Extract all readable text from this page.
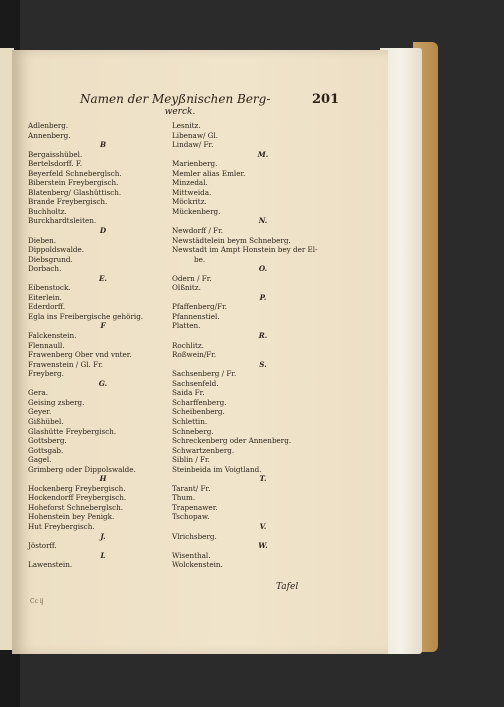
Namen der Meyßnischen Berg-
werck.
201
Adlenberg.
Annenberg.
B
Bergaisshübel.
Bertelsdorff. F.
Beyerfeld Schneberglsch.
Biberstein Freybergisch.
Blatenberg/ Glashüttisch.
Brande Freybergisch.
Buchholtz.
Burckhardtsleiten.
D
Dieben.
Dippoldswalde.
Diebsgrund.
Dorbach.
E.
Eibenstock.
Eiterlein.
Ederdorff.
Egla ins Freibergische gehörig.
F
Falckenstein.
Flennaull.
Frawenberg Ober vnd vnter.
Frawenstein / Gl. Fr.
Freyberg.
G.
Gera.
Geising zsberg.
Geyer.
Gißhübel.
Glashütte Freybergisch.
Gottsberg.
Gottsgab.
Gagel.
Grimberg oder Dippolswalde.
H
Hockenberg Freybergisch.
Hockendorff Freybergisch.
Hoheforst Schneberglsch.
Hohenstein bey Penigk.
Hut Freybergisch.
J.
Jöstorff.
L
Lawenstein.
Lesnitz.
Libenaw/ Gl.
Lindaw/ Fr.
M.
Marienberg.
Memler alias Emler.
Minzedal.
Mittweida.
Möckritz.
Mückenberg.
N.
Newdorff / Fr.
Newstädtelein beym Schneberg.
Newstadt im Ampt Honstein bey der El-
be.
O.
Odern / Fr.
Olßnitz.
P.
Pfaffenberg/Fr.
Pfannenstiel.
Platten.
R.
Rochlitz.
Roßwein/Fr.
S.
Sachsenberg / Fr.
Sachsenfeld.
Saida Fr.
Scharffenberg.
Scheibenberg.
Schlettin.
Schneberg.
Schreckenberg oder Annenberg.
Schwartzenberg.
Siblin / Fr.
Steinbeida im Voigtland.
T.
Tarant/ Fr.
Thum.
Trapenawer.
Tschopaw.
V.
Vlrichsberg.
W.
Wisenthal.
Wolckenstein.
Tafel
Cc ij
